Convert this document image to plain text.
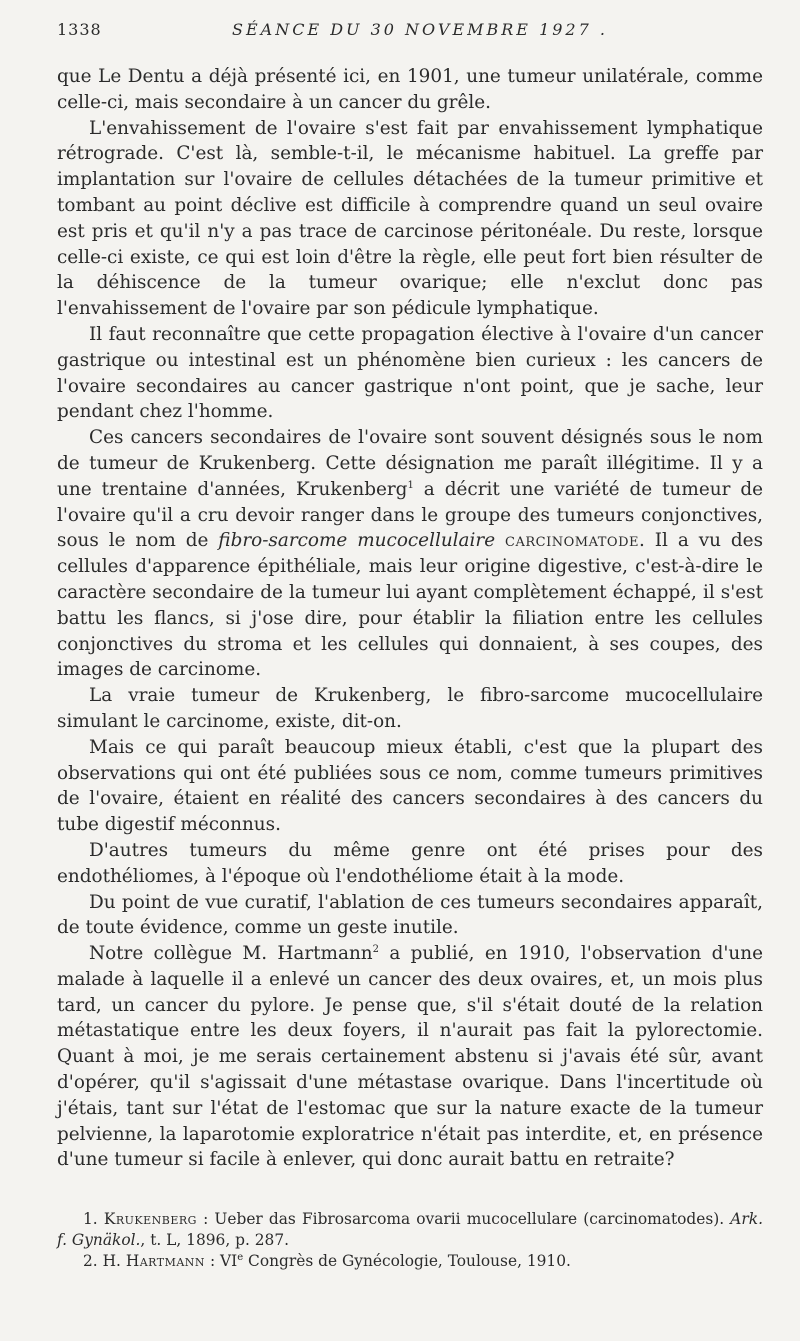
1338	SÉANCE DU 30 NOVEMBRE 1927 .

que Le Dentu a déjà présenté ici, en 1901, une tumeur unilatérale, comme celle-ci, mais secondaire à un cancer du grêle.

L'envahissement de l'ovaire s'est fait par envahissement lymphatique rétrograde. C'est là, semble-t-il, le mécanisme habituel. La greffe par implantation sur l'ovaire de cellules détachées de la tumeur primitive et tombant au point déclive est difficile à comprendre quand un seul ovaire est pris et qu'il n'y a pas trace de carcinose péritonéale. Du reste, lorsque celle-ci existe, ce qui est loin d'être la règle, elle peut fort bien résulter de la déhiscence de la tumeur ovarique; elle n'exclut donc pas l'envahissement de l'ovaire par son pédicule lymphatique.

Il faut reconnaître que cette propagation élective à l'ovaire d'un cancer gastrique ou intestinal est un phénomène bien curieux : les cancers de l'ovaire secondaires au cancer gastrique n'ont point, que je sache, leur pendant chez l'homme.

Ces cancers secondaires de l'ovaire sont souvent désignés sous le nom de tumeur de Krukenberg. Cette désignation me paraît illégitime. Il y a une trentaine d'années, Krukenberg$^1$ a décrit une variété de tumeur de l'ovaire qu'il a cru devoir ranger dans le groupe des tumeurs conjonctives, sous le nom de fibro-sarcome mucocellulaire carcinomatode. Il a vu des cellules d'apparence épithéliale, mais leur origine digestive, c'est-à-dire le caractère secondaire de la tumeur lui ayant complètement échappé, il s'est battu les flancs, si j'ose dire, pour établir la filiation entre les cellules conjonctives du stroma et les cellules qui donnaient, à ses coupes, des images de carcinome.

La vraie tumeur de Krukenberg, le fibro-sarcome mucocellulaire simulant le carcinome, existe, dit-on.

Mais ce qui paraît beaucoup mieux établi, c'est que la plupart des observations qui ont été publiées sous ce nom, comme tumeurs primitives de l'ovaire, étaient en réalité des cancers secondaires à des cancers du tube digestif méconnus.

D'autres tumeurs du même genre ont été prises pour des endothéliomes, à l'époque où l'endothéliome était à la mode.

Du point de vue curatif, l'ablation de ces tumeurs secondaires apparaît, de toute évidence, comme un geste inutile.

Notre collègue M. Hartmann$^2$ a publié, en 1910, l'observation d'une malade à laquelle il a enlevé un cancer des deux ovaires, et, un mois plus tard, un cancer du pylore. Je pense que, s'il s'était douté de la relation métastatique entre les deux foyers, il n'aurait pas fait la pylorectomie. Quant à moi, je me serais certainement abstenu si j'avais été sûr, avant d'opérer, qu'il s'agissait d'une métastase ovarique. Dans l'incertitude où j'étais, tant sur l'état de l'estomac que sur la nature exacte de la tumeur pelvienne, la laparotomie exploratrice n'était pas interdite, et, en présence d'une tumeur si facile à enlever, qui donc aurait battu en retraite?

1. Krukenberg : Ueber das Fibrosarcoma ovarii mucocellulare (carcinomatodes). Ark. f. Gynäkol., t. L, 1896, p. 287.

2. H. Hartmann : VIe Congrès de Gynécologie, Toulouse, 1910.
